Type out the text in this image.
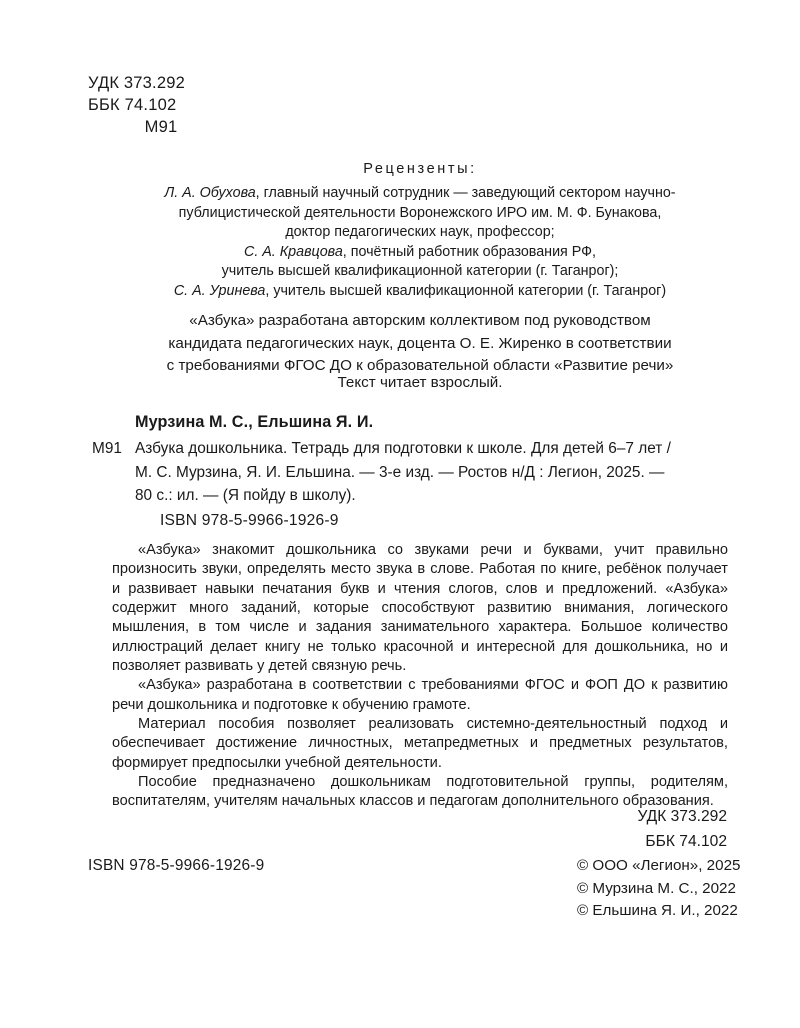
УДК 373.292
ББК 74.102
М91
Рецензенты:
Л. А. Обухова, главный научный сотрудник — заведующий сектором научно-
публицистической деятельности Воронежского ИРО им. М. Ф. Бунакова,
доктор педагогических наук, профессор;
С. А. Кравцова, почётный работник образования РФ,
учитель высшей квалификационной категории (г. Таганрог);
С. А. Уринева, учитель высшей квалификационной категории (г. Таганрог)
«Азбука» разработана авторским коллективом под руководством
кандидата педагогических наук, доцента О. Е. Жиренко в соответствии
с требованиями ФГОС ДО к образовательной области «Развитие речи»
Текст читает взрослый.
Мурзина М. С., Ельшина Я. И.
М91 Азбука дошкольника. Тетрадь для подготовки к школе. Для детей 6–7 лет /
М. С. Мурзина, Я. И. Ельшина. — 3-е изд. — Ростов н/Д : Легион, 2025. —
80 с.: ил. — (Я пойду в школу).
ISBN 978-5-9966-1926-9

«Азбука» знакомит дошкольника со звуками речи и буквами, учит правильно произносить звуки, определять место звука в слове. Работая по книге, ребёнок получает и развивает навыки печатания букв и чтения слогов, слов и предложений. «Азбука» содержит много заданий, которые способствуют развитию внимания, логического мышления, в том числе и задания занимательного характера. Большое количество иллюстраций делает книгу не только красочной и интересной для дошкольника, но и позволяет развивать у детей связную речь.

«Азбука» разработана в соответствии с требованиями ФГОС и ФОП ДО к развитию речи дошкольника и подготовке к обучению грамоте.

Материал пособия позволяет реализовать системно-деятельностный подход и обеспечивает достижение личностных, метапредметных и предметных результатов, формирует предпосылки учебной деятельности.

Пособие предназначено дошкольникам подготовительной группы, родителям, воспитателям, учителям начальных классов и педагогам дополнительного образования.

УДК 373.292
ББК 74.102
ISBN 978-5-9966-1926-9	© ООО «Легион», 2025
© Мурзина М. С., 2022
© Ельшина Я. И., 2022
